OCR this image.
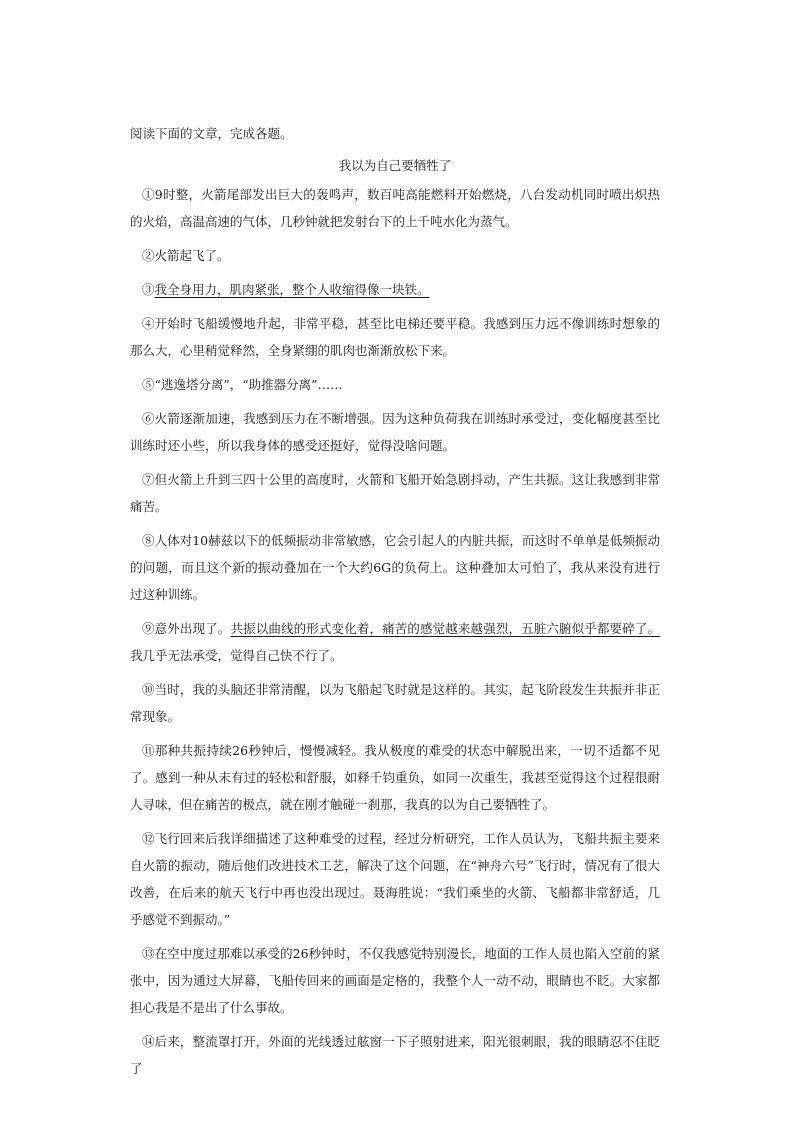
阅读下面的文章，完成各题。

我以为自己要牺牲了

①9时整，火箭尾部发出巨大的轰鸣声，数百吨高能燃料开始燃烧，八台发动机同时喷出炽热的火焰，高温高速的气体，几秒钟就把发射台下的上千吨水化为蒸气。

②火箭起飞了。

③我全身用力，肌肉紧张，整个人收缩得像一块铁。

④开始时飞船缓慢地升起，非常平稳，甚至比电梯还要平稳。我感到压力远不像训练时想象的那么大，心里稍觉释然，全身紧绷的肌肉也渐渐放松下来。

⑤“逃逸塔分离”，“助推器分离”……

⑥火箭逐渐加速，我感到压力在不断增强。因为这种负荷我在训练时承受过，变化幅度甚至比训练时还小些，所以我身体的感受还挺好，觉得没啥问题。

⑦但火箭上升到三四十公里的高度时，火箭和飞船开始急剧抖动，产生共振。这让我感到非常痛苦。

⑧人体对10赫兹以下的低频振动非常敏感，它会引起人的内脏共振，而这时不单单是低频振动的问题，而且这个新的振动叠加在一个大约6G的负荷上。这种叠加太可怕了，我从来没有进行过这种训练。

⑨意外出现了。共振以曲线的形式变化着，痛苦的感觉越来越强烈，五脏六腑似乎都要碎了。我几乎无法承受，觉得自己快不行了。

⑩当时，我的头脑还非常清醒，以为飞船起飞时就是这样的。其实，起飞阶段发生共振并非正常现象。

⑪那种共振持续26秒钟后，慢慢减轻。我从极度的难受的状态中解脱出来，一切不适都不见了。感到一种从未有过的轻松和舒服，如释千钧重负，如同一次重生，我甚至觉得这个过程很耐人寻味，但在痛苦的极点，就在刚才触碰一刹那，我真的以为自己要牺牲了。

⑫飞行回来后我详细描述了这种难受的过程，经过分析研究，工作人员认为，飞船共振主要来自火箭的振动，随后他们改进技术工艺，解决了这个问题，在“神舟六号”飞行时，情况有了很大改善，在后来的航天飞行中再也没出现过。聂海胜说：“我们乘坐的火箭、飞船都非常舒适，几乎感觉不到振动。”

⑬在空中度过那难以承受的26秒钟时，不仅我感觉特别漫长，地面的工作人员也陷入空前的紧张中，因为通过大屏幕，飞船传回来的画面是定格的，我整个人一动不动，眼睛也不眨。大家都担心我是不是出了什么事故。

⑭后来，整流罩打开，外面的光线透过舷窗一下子照射进来，阳光很刺眼，我的眼睛忍不住眨了
